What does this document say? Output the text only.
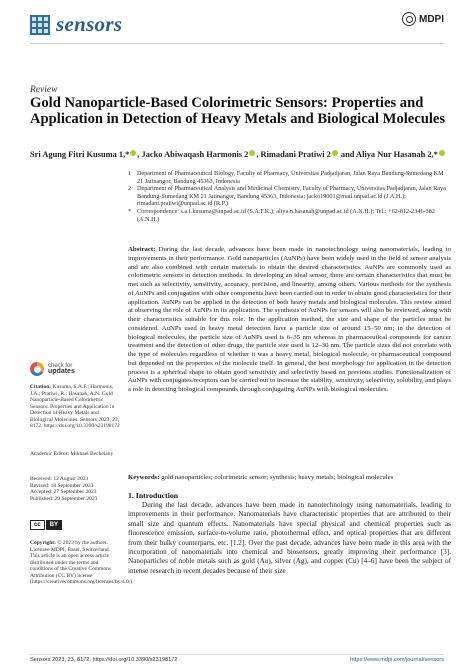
sensors	MDPI
Review
Gold Nanoparticle-Based Colorimetric Sensors: Properties and Application in Detection of Heavy Metals and Biological Molecules
Sri Agung Fitri Kusuma 1,* , Jacko Abiwaqash Harmonis 2 , Rimadani Pratiwi 2 and Aliya Nur Hasanah 2,*
1 Department of Pharmaceutical Biology, Faculty of Pharmacy, Universitas Padjadjaran, Jalan Raya Bandung-Sumedang KM 21 Jatinangor, Bandung 45363, Indonesia
2 Department of Pharmaceutical Analysis and Medicinal Chemistry, Faculty of Pharmacy, Universitas Padjadjaran, Jalan Raya Bandung-Sumedang KM 21 Jatinangor, Bandung 45363, Indonesia; jacko19001@mail.unpad.ac.id (J.A.H.); rimadani.pratiwi@unpad.ac.id (R.P.)
* Correspondence: s.a.f.kusuma@unpad.ac.id (S.A.F.K.); aliya.n.hasanah@unpad.ac.id (A.N.H.); Tel.: +62-812-2346-382 (A.N.H.)
Abstract: During the last decade, advances have been made in nanotechnology using nanomaterials, leading to improvements in their performance. Gold nanoparticles (AuNPs) have been widely used in the field of sensor analysis and are also combined with certain materials to obtain the desired characteristics. AuNPs are commonly used as colorimetric sensors in detection methods. In developing an ideal sensor, there are certain characteristics that must be met such as selectivity, sensitivity, accuracy, precision, and linearity, among others. Various methods for the synthesis of AuNPs and conjugation with other components have been carried out in order to obtain good characteristics for their application. AuNPs can be applied in the detection of both heavy metals and biological molecules. This review aimed at observing the role of AuNPs in its application. The synthesis of AuNPs for sensors will also be reviewed, along with their characteristics suitable for this role. In the application method, the size and shape of the particles must be considered. AuNPs used in heavy metal detection have a particle size of around 15–50 nm; in the detection of biological molecules, the particle size of AuNPs used is 6–35 nm whereas in pharmaceutical compounds for cancer treatment and the detection of other drugs, the particle size used is 12–30 nm. The particle sizes did not correlate with the type of molecules regardless of whether it was a heavy metal, biological molecule, or pharmaceutical compound but depended on the properties of the molecule itself. In general, the best morphology for application in the detection process is a spherical shape to obtain good sensitivity and selectivity based on previous studies. Functionalization of AuNPs with conjugates/receptors can be carried out to increase the stability, sensitivity, selectivity, solubility, and plays a role in detecting biological compounds through conjugating AuNPs with biological molecules.
Keywords: gold nanoparticles; colorimetric sensor; synthesis; heavy metals; biological molecules
check for
updates
Citation: Kusuma, S.A.F.; Harmonis, J.A.; Pratiwi, R.; Hasanah, A.N. Gold Nanoparticle-Based Colorimetric Sensors: Properties and Application in Detection of Heavy Metals and Biological Molecules. Sensors 2023, 23, 8172. https://doi.org/10.3390/s23198172
Academic Editor: Mikhael Bechelany
Received: 12 August 2023
Revised: 18 September 2023
Accepted: 27 September 2023
Published: 29 September 2023
cc	BY
Copyright: © 2023 by the authors. Licensee MDPI, Basel, Switzerland. This article is an open access article distributed under the terms and conditions of the Creative Commons Attribution (CC BY) license (https://creativecommons.org/licenses/by/4.0/).
1. Introduction
During the last decade, advances have been made in nanotechnology using nanomaterials, leading to improvements in their performance. Nanomaterials have characteristic properties that are attributed to their small size and quantum effects. Nanomaterials have special physical and chemical properties such as fluorescence emission, surface-to-volume ratio, photothermal effect, and optical properties that are different from their bulky counterparts, etc. [1,2]. Over the past decade, advances have been made in this area with the incorporation of nanomaterials into chemical and biosensors, greatly improving their performance [3]. Nanoparticles of noble metals such as gold (Au), silver (Ag), and copper (Cu) [4–6] have been the subject of intense research in recent decades because of their size
Sensors 2023, 23, 8172. https://doi.org/10.3390/s23198172	https://www.mdpi.com/journal/sensors
